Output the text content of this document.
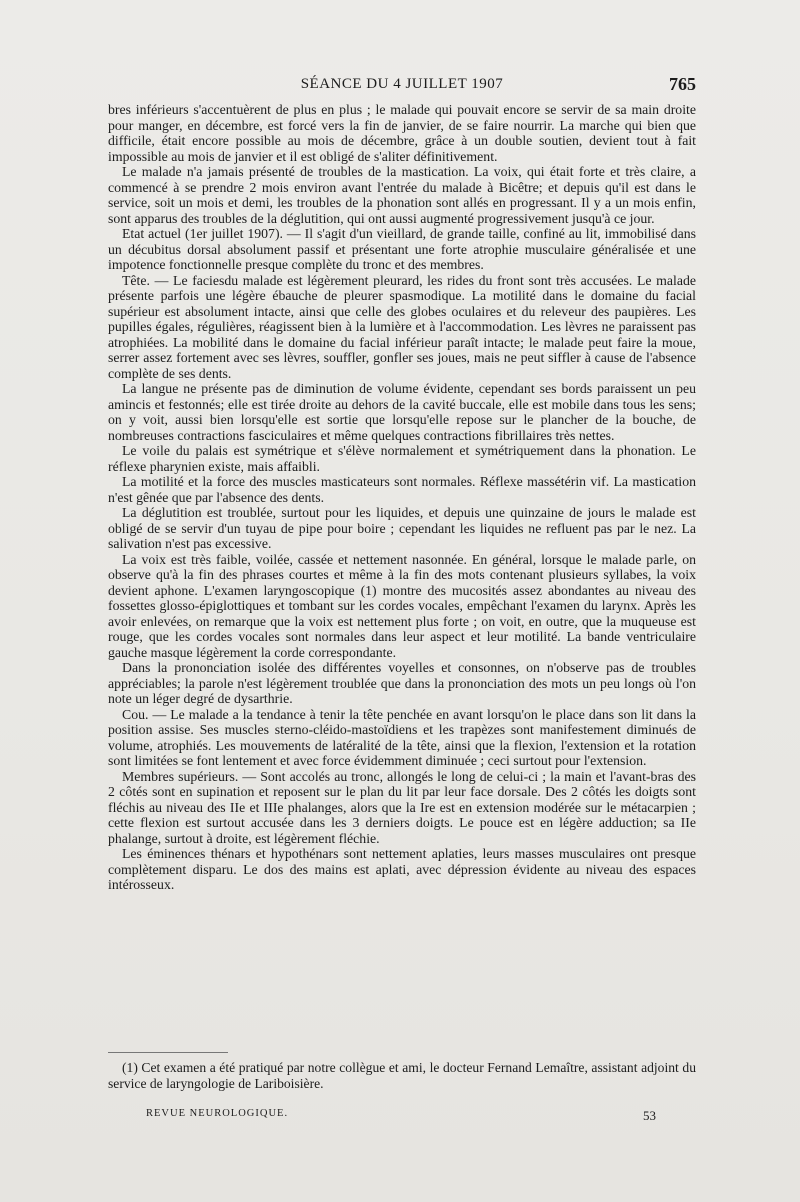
SÉANCE DU 4 JUILLET 1907	765

bres inférieurs s'accentuèrent de plus en plus ; le malade qui pouvait encore se servir de sa main droite pour manger, en décembre, est forcé vers la fin de janvier, de se faire nourrir. La marche qui bien que difficile, était encore possible au mois de décembre, grâce à un double soutien, devient tout à fait impossible au mois de janvier et il est obligé de s'aliter définitivement.

Le malade n'a jamais présenté de troubles de la mastication. La voix, qui était forte et très claire, a commencé à se prendre 2 mois environ avant l'entrée du malade à Bicêtre; et depuis qu'il est dans le service, soit un mois et demi, les troubles de la phonation sont allés en progressant. Il y a un mois enfin, sont apparus des troubles de la déglutition, qui ont aussi augmenté progressivement jusqu'à ce jour.

Etat actuel (1er juillet 1907). — Il s'agit d'un vieillard, de grande taille, confiné au lit, immobilisé dans un décubitus dorsal absolument passif et présentant une forte atrophie musculaire généralisée et une impotence fonctionnelle presque complète du tronc et des membres.

Tête. — Le faciesdu malade est légèrement pleurard, les rides du front sont très accusées. Le malade présente parfois une légère ébauche de pleurer spasmodique. La motilité dans le domaine du facial supérieur est absolument intacte, ainsi que celle des globes oculaires et du releveur des paupières. Les pupilles égales, régulières, réagissent bien à la lumière et à l'accommodation. Les lèvres ne paraissent pas atrophiées. La mobilité dans le domaine du facial inférieur paraît intacte; le malade peut faire la moue, serrer assez fortement avec ses lèvres, souffler, gonfler ses joues, mais ne peut siffler à cause de l'absence complète de ses dents.

La langue ne présente pas de diminution de volume évidente, cependant ses bords paraissent un peu amincis et festonnés; elle est tirée droite au dehors de la cavité buccale, elle est mobile dans tous les sens; on y voit, aussi bien lorsqu'elle est sortie que lorsqu'elle repose sur le plancher de la bouche, de nombreuses contractions fasciculaires et même quelques contractions fibrillaires très nettes.

Le voile du palais est symétrique et s'élève normalement et symétriquement dans la phonation. Le réflexe pharynien existe, mais affaibli.

La motilité et la force des muscles masticateurs sont normales. Réflexe massétérin vif. La mastication n'est gênée que par l'absence des dents.

La déglutition est troublée, surtout pour les liquides, et depuis une quinzaine de jours le malade est obligé de se servir d'un tuyau de pipe pour boire ; cependant les liquides ne refluent pas par le nez. La salivation n'est pas excessive.

La voix est très faible, voilée, cassée et nettement nasonnée. En général, lorsque le malade parle, on observe qu'à la fin des phrases courtes et même à la fin des mots contenant plusieurs syllabes, la voix devient aphone. L'examen laryngoscopique (1) montre des mucosités assez abondantes au niveau des fossettes glosso-épiglottiques et tombant sur les cordes vocales, empêchant l'examen du larynx. Après les avoir enlevées, on remarque que la voix est nettement plus forte ; on voit, en outre, que la muqueuse est rouge, que les cordes vocales sont normales dans leur aspect et leur motilité. La bande ventriculaire gauche masque légèrement la corde correspondante.

Dans la prononciation isolée des différentes voyelles et consonnes, on n'observe pas de troubles appréciables; la parole n'est légèrement troublée que dans la prononciation des mots un peu longs où l'on note un léger degré de dysarthrie.

Cou. — Le malade a la tendance à tenir la tête penchée en avant lorsqu'on le place dans son lit dans la position assise. Ses muscles sterno-cléido-mastoïdiens et les trapèzes sont manifestement diminués de volume, atrophiés. Les mouvements de latéralité de la tête, ainsi que la flexion, l'extension et la rotation sont limitées se font lentement et avec force évidemment diminuée ; ceci surtout pour l'extension.

Membres supérieurs. — Sont accolés au tronc, allongés le long de celui-ci ; la main et l'avant-bras des 2 côtés sont en supination et reposent sur le plan du lit par leur face dorsale. Des 2 côtés les doigts sont fléchis au niveau des IIe et IIIe phalanges, alors que la Ire est en extension modérée sur le métacarpien ; cette flexion est surtout accusée dans les 3 derniers doigts. Le pouce est en légère adduction; sa IIe phalange, surtout à droite, est légèrement fléchie.

Les éminences thénars et hypothénars sont nettement aplaties, leurs masses musculaires ont presque complètement disparu. Le dos des mains est aplati, avec dépression évidente au niveau des espaces intérosseux.

(1) Cet examen a été pratiqué par notre collègue et ami, le docteur Fernand Lemaître, assistant adjoint du service de laryngologie de Lariboisière.
REVUE NEUROLOGIQUE.	53
